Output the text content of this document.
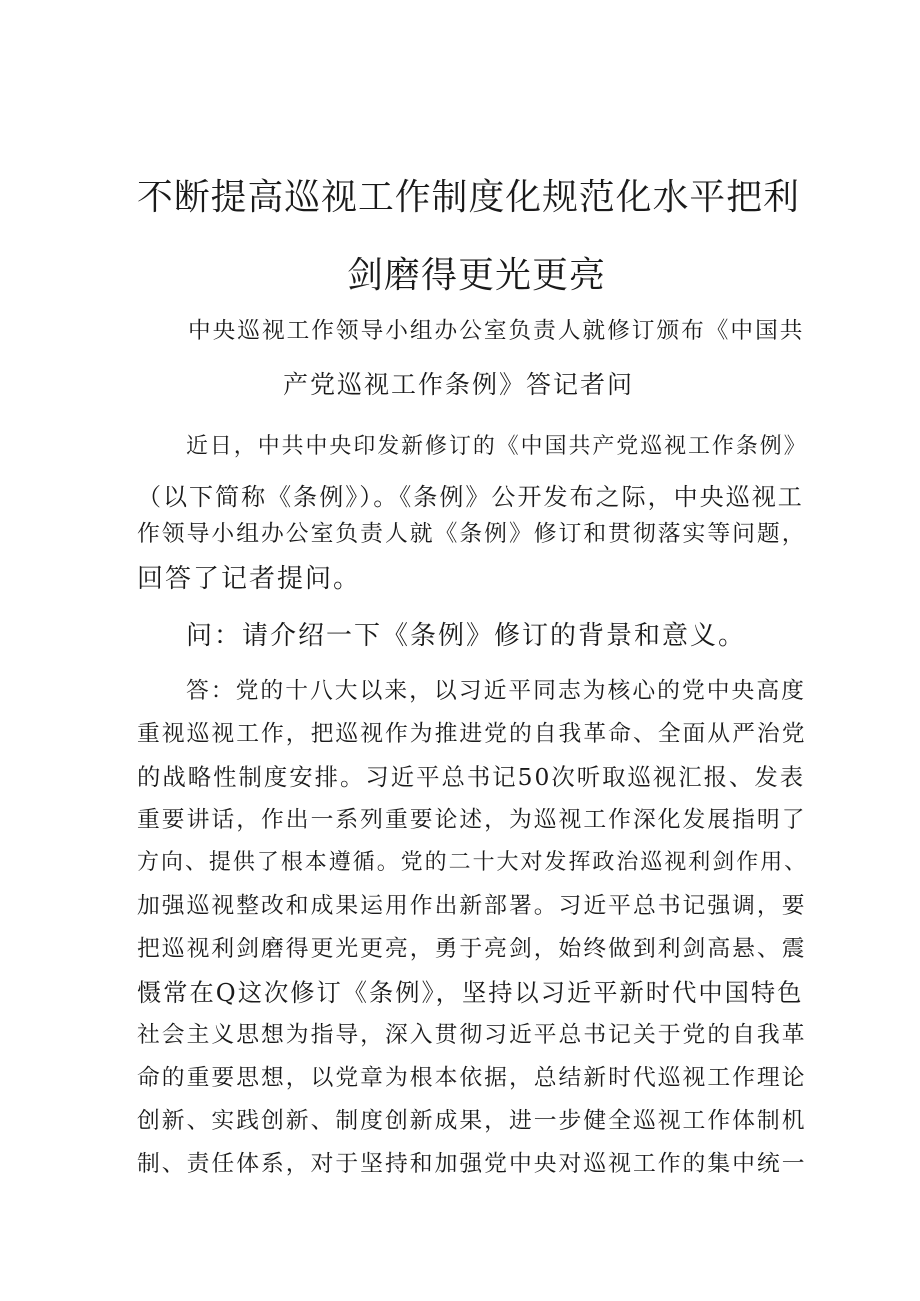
不断提高巡视工作制度化规范化水平把利
剑磨得更光更亮
中央巡视工作领导小组办公室负责人就修订颁布《中国共
产党巡视工作条例》答记者问
近日，中共中央印发新修订的《中国共产党巡视工作条例》
（以下简称《条例》）。《条例》公开发布之际，中央巡视工
作领导小组办公室负责人就《条例》修订和贯彻落实等问题，
回答了记者提问。
问：请介绍一下《条例》修订的背景和意义。
答：党的十八大以来，以习近平同志为核心的党中央高度
重视巡视工作，把巡视作为推进党的自我革命、全面从严治党
的战略性制度安排。习近平总书记50次听取巡视汇报、发表
重要讲话，作出一系列重要论述，为巡视工作深化发展指明了
方向、提供了根本遵循。党的二十大对发挥政治巡视利剑作用、
加强巡视整改和成果运用作出新部署。习近平总书记强调，要
把巡视利剑磨得更光更亮，勇于亮剑，始终做到利剑高悬、震
慑常在Q这次修订《条例》，坚持以习近平新时代中国特色
社会主义思想为指导，深入贯彻习近平总书记关于党的自我革
命的重要思想，以党章为根本依据，总结新时代巡视工作理论
创新、实践创新、制度创新成果，进一步健全巡视工作体制机
制、责任体系，对于坚持和加强党中央对巡视工作的集中统一
